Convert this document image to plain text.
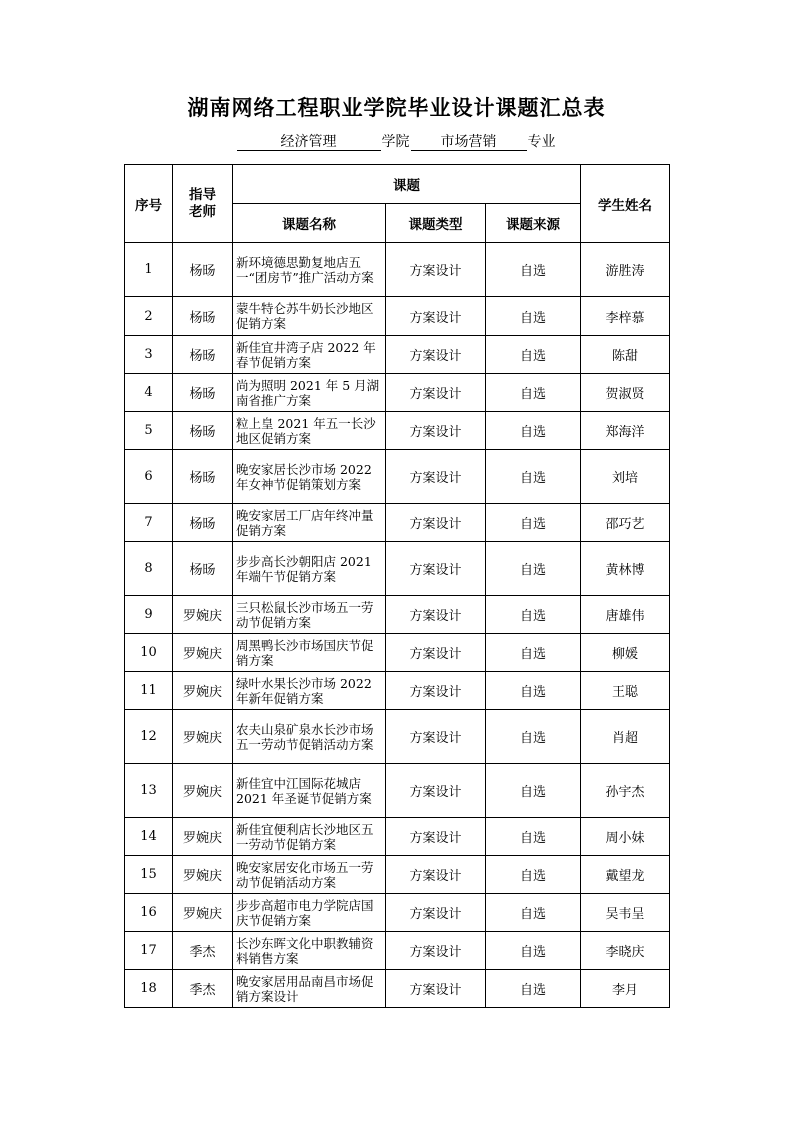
湖南网络工程职业学院毕业设计课题汇总表
经济管理	学院 市场营销 专业
序号	指导老师	课题			学生姓名
		课题名称	课题类型	课题来源	
1	杨旸	新环境德思勤复地店五一“团房节”推广活动方案	方案设计	自选	游胜涛
2	杨旸	蒙牛特仑苏牛奶长沙地区促销方案	方案设计	自选	李梓慕
3	杨旸	新佳宜井湾子店 2022 年春节促销方案	方案设计	自选	陈甜
4	杨旸	尚为照明 2021 年 5 月湖南省推广方案	方案设计	自选	贺淑贤
5	杨旸	粒上皇 2021 年五一长沙地区促销方案	方案设计	自选	郑海洋
6	杨旸	晚安家居长沙市场 2022 年女神节促销策划方案	方案设计	自选	刘培
7	杨旸	晚安家居工厂店年终冲量促销方案	方案设计	自选	邵巧艺
8	杨旸	步步高长沙朝阳店 2021 年端午节促销方案	方案设计	自选	黄林博
9	罗婉庆	三只松鼠长沙市场五一劳动节促销方案	方案设计	自选	唐雄伟
10	罗婉庆	周黑鸭长沙市场国庆节促销方案	方案设计	自选	柳媛
11	罗婉庆	绿叶水果长沙市场 2022 年新年促销方案	方案设计	自选	王聪
12	罗婉庆	农夫山泉矿泉水长沙市场五一劳动节促销活动方案	方案设计	自选	肖超
13	罗婉庆	新佳宜中江国际花城店 2021 年圣诞节促销方案	方案设计	自选	孙宇杰
14	罗婉庆	新佳宜便利店长沙地区五一劳动节促销方案	方案设计	自选	周小妹
15	罗婉庆	晚安家居安化市场五一劳动节促销活动方案	方案设计	自选	戴望龙
16	罗婉庆	步步高超市电力学院店国庆节促销方案	方案设计	自选	吴韦呈
17	季杰	长沙东晖文化中职教辅资料销售方案	方案设计	自选	李晓庆
18	季杰	晚安家居用品南昌市场促销方案设计	方案设计	自选	李月
